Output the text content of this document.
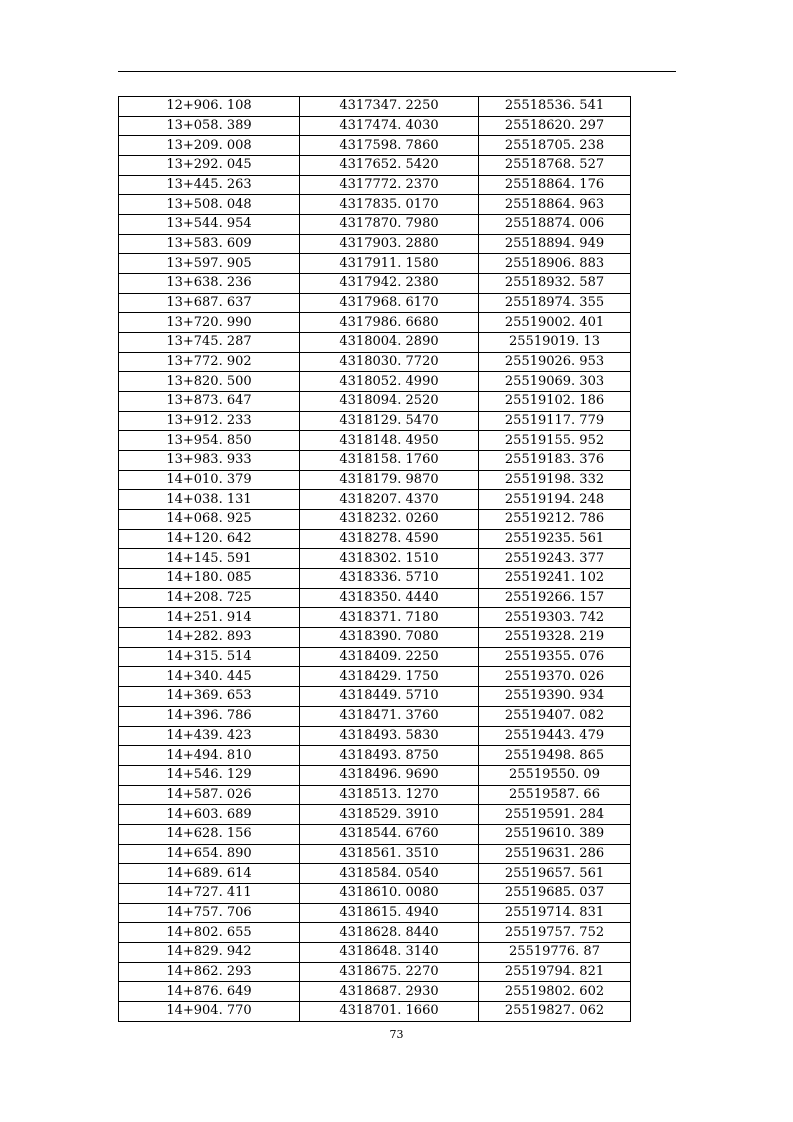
12+906. 108	4317347. 2250	25518536. 541
13+058. 389	4317474. 4030	25518620. 297
13+209. 008	4317598. 7860	25518705. 238
13+292. 045	4317652. 5420	25518768. 527
13+445. 263	4317772. 2370	25518864. 176
13+508. 048	4317835. 0170	25518864. 963
13+544. 954	4317870. 7980	25518874. 006
13+583. 609	4317903. 2880	25518894. 949
13+597. 905	4317911. 1580	25518906. 883
13+638. 236	4317942. 2380	25518932. 587
13+687. 637	4317968. 6170	25518974. 355
13+720. 990	4317986. 6680	25519002. 401
13+745. 287	4318004. 2890	25519019. 13
13+772. 902	4318030. 7720	25519026. 953
13+820. 500	4318052. 4990	25519069. 303
13+873. 647	4318094. 2520	25519102. 186
13+912. 233	4318129. 5470	25519117. 779
13+954. 850	4318148. 4950	25519155. 952
13+983. 933	4318158. 1760	25519183. 376
14+010. 379	4318179. 9870	25519198. 332
14+038. 131	4318207. 4370	25519194. 248
14+068. 925	4318232. 0260	25519212. 786
14+120. 642	4318278. 4590	25519235. 561
14+145. 591	4318302. 1510	25519243. 377
14+180. 085	4318336. 5710	25519241. 102
14+208. 725	4318350. 4440	25519266. 157
14+251. 914	4318371. 7180	25519303. 742
14+282. 893	4318390. 7080	25519328. 219
14+315. 514	4318409. 2250	25519355. 076
14+340. 445	4318429. 1750	25519370. 026
14+369. 653	4318449. 5710	25519390. 934
14+396. 786	4318471. 3760	25519407. 082
14+439. 423	4318493. 5830	25519443. 479
14+494. 810	4318493. 8750	25519498. 865
14+546. 129	4318496. 9690	25519550. 09
14+587. 026	4318513. 1270	25519587. 66
14+603. 689	4318529. 3910	25519591. 284
14+628. 156	4318544. 6760	25519610. 389
14+654. 890	4318561. 3510	25519631. 286
14+689. 614	4318584. 0540	25519657. 561
14+727. 411	4318610. 0080	25519685. 037
14+757. 706	4318615. 4940	25519714. 831
14+802. 655	4318628. 8440	25519757. 752
14+829. 942	4318648. 3140	25519776. 87
14+862. 293	4318675. 2270	25519794. 821
14+876. 649	4318687. 2930	25519802. 602
14+904. 770	4318701. 1660	25519827. 062
73
